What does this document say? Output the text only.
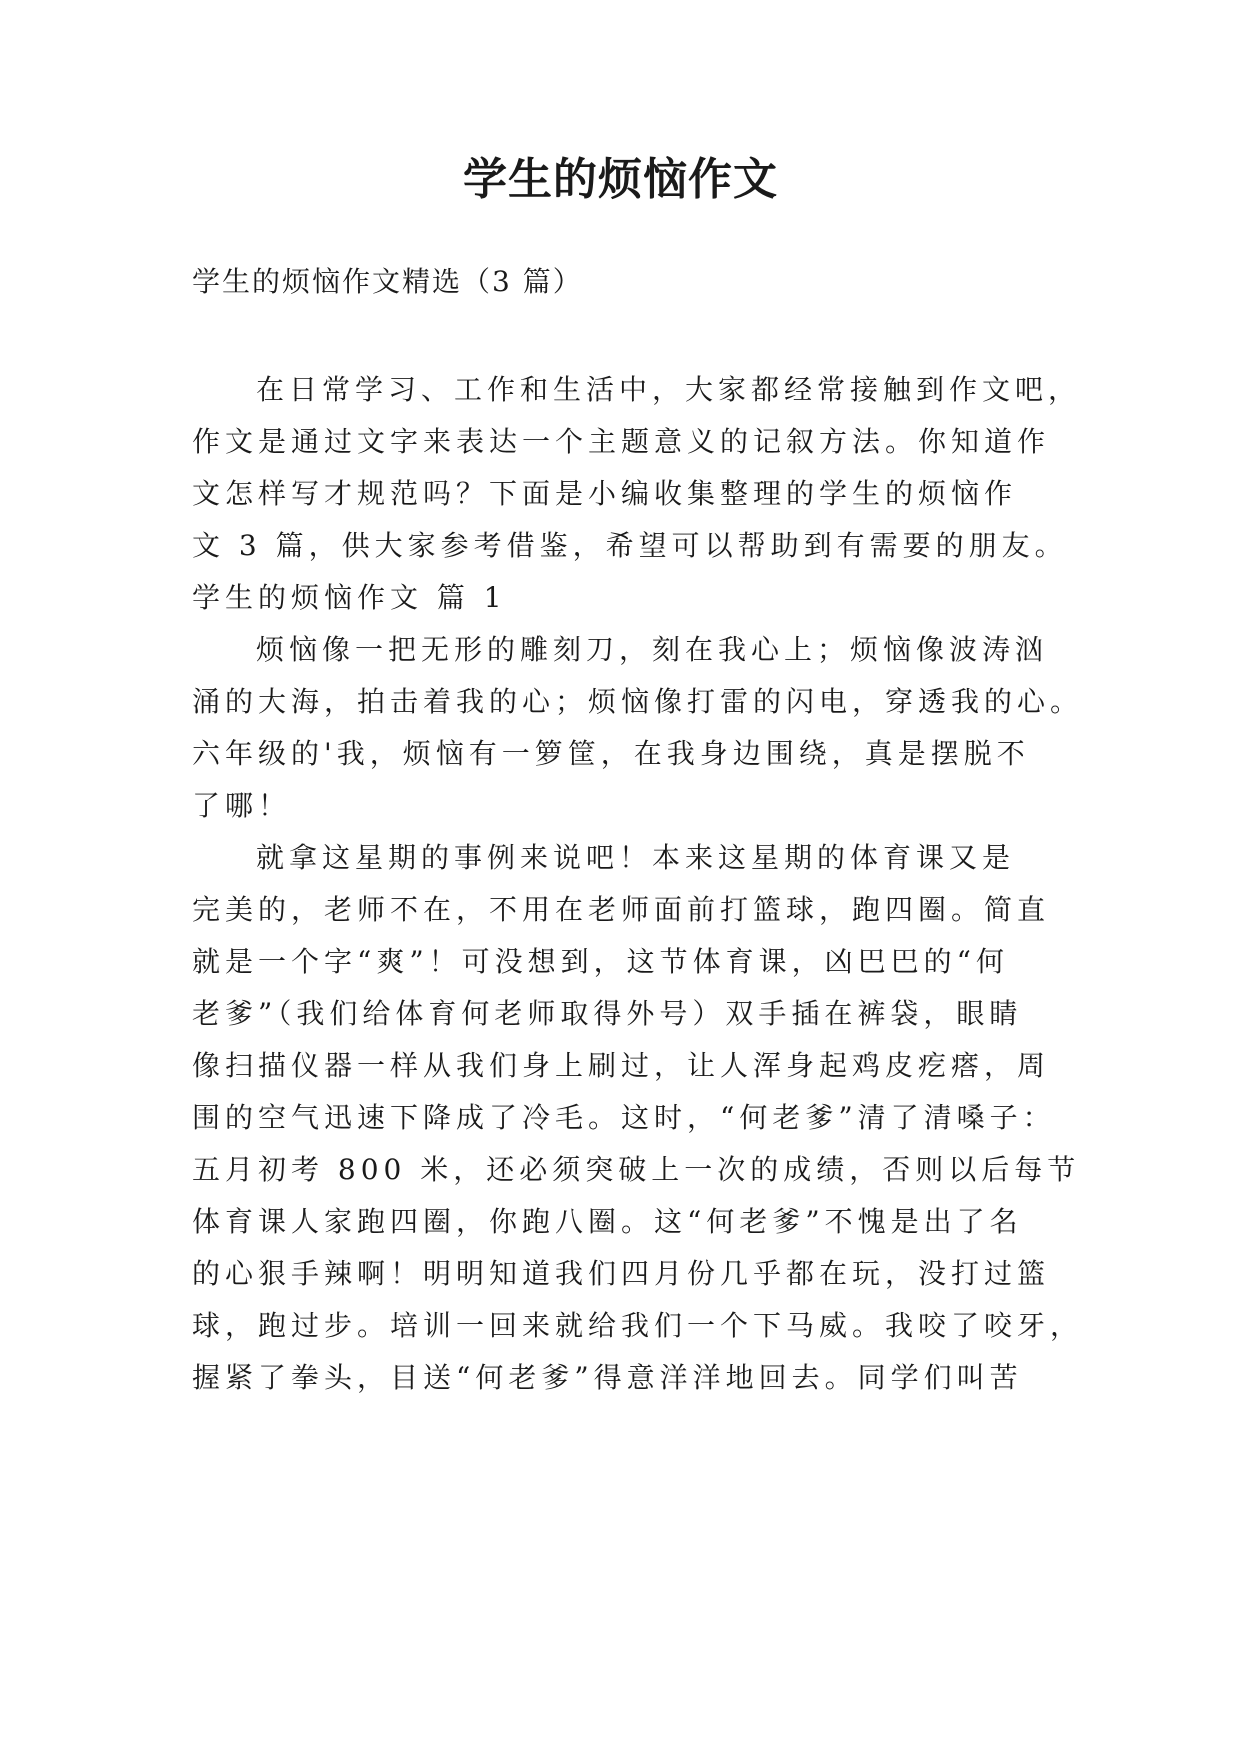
学生的烦恼作文
学生的烦恼作文精选（3 篇）
在日常学习、工作和生活中，大家都经常接触到作文吧，
作文是通过文字来表达一个主题意义的记叙方法。你知道作
文怎样写才规范吗？下面是小编收集整理的学生的烦恼作
文 3 篇，供大家参考借鉴，希望可以帮助到有需要的朋友。
学生的烦恼作文 篇 1
烦恼像一把无形的雕刻刀，刻在我心上；烦恼像波涛汹
涌的大海，拍击着我的心；烦恼像打雷的闪电，穿透我的心。
六年级的'我，烦恼有一箩筐，在我身边围绕，真是摆脱不
了哪！
就拿这星期的事例来说吧！本来这星期的体育课又是
完美的，老师不在，不用在老师面前打篮球，跑四圈。简直
就是一个字“爽”！可没想到，这节体育课，凶巴巴的“何
老爹”（我们给体育何老师取得外号）双手插在裤袋，眼睛
像扫描仪器一样从我们身上刷过，让人浑身起鸡皮疙瘩，周
围的空气迅速下降成了冷毛。这时，“何老爹”清了清嗓子：
五月初考 800 米，还必须突破上一次的成绩，否则以后每节
体育课人家跑四圈，你跑八圈。这“何老爹”不愧是出了名
的心狠手辣啊！明明知道我们四月份几乎都在玩，没打过篮
球，跑过步。培训一回来就给我们一个下马威。我咬了咬牙，
握紧了拳头，目送“何老爹”得意洋洋地回去。同学们叫苦
